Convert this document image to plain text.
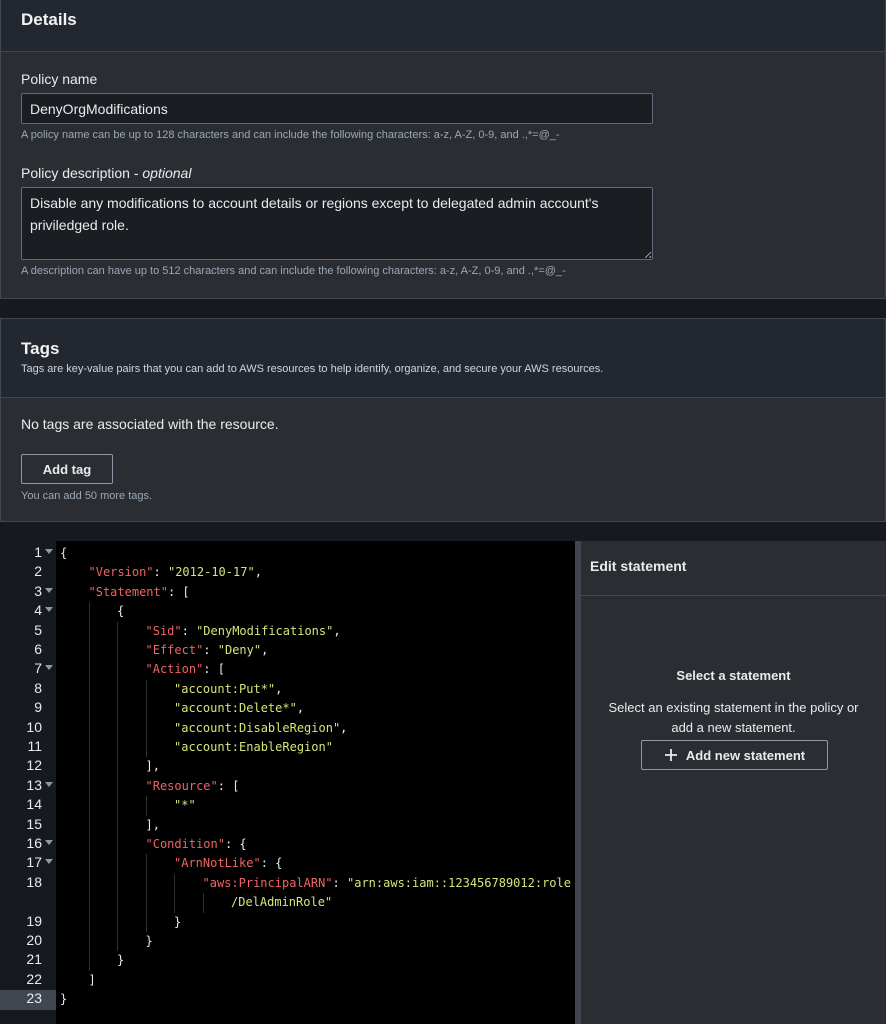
Details
Policy name
DenyOrgModifications
A policy name can be up to 128 characters and can include the following characters: a-z, A-Z, 0-9, and .,*=@_-
Policy description - optional
Disable any modifications to account details or regions except to delegated admin account's priviledged role.
A description can have up to 512 characters and can include the following characters: a-z, A-Z, 0-9, and .,*=@_-
Tags
Tags are key-value pairs that you can add to AWS resources to help identify, organize, and secure your AWS resources.
No tags are associated with the resource.
Add tag
You can add 50 more tags.
1
2
3
4
5
6
7
8
9
10
11
12
13
14
15
16
17
18
19
20
21
22
23
{
"Version": "2012-10-17",
"Statement": [
{
"Sid": "DenyModifications",
"Effect": "Deny",
"Action": [
"account:Put*",
"account:Delete*",
"account:DisableRegion",
"account:EnableRegion"
],
"Resource": [
"*"
],
"Condition": {
"ArnNotLike": {
"aws:PrincipalARN": "arn:aws:iam::123456789012:role
/DelAdminRole"
}
}
}
]
}
Edit statement
Select a statement
Select an existing statement in the policy or
add a new statement.
Add new statement
